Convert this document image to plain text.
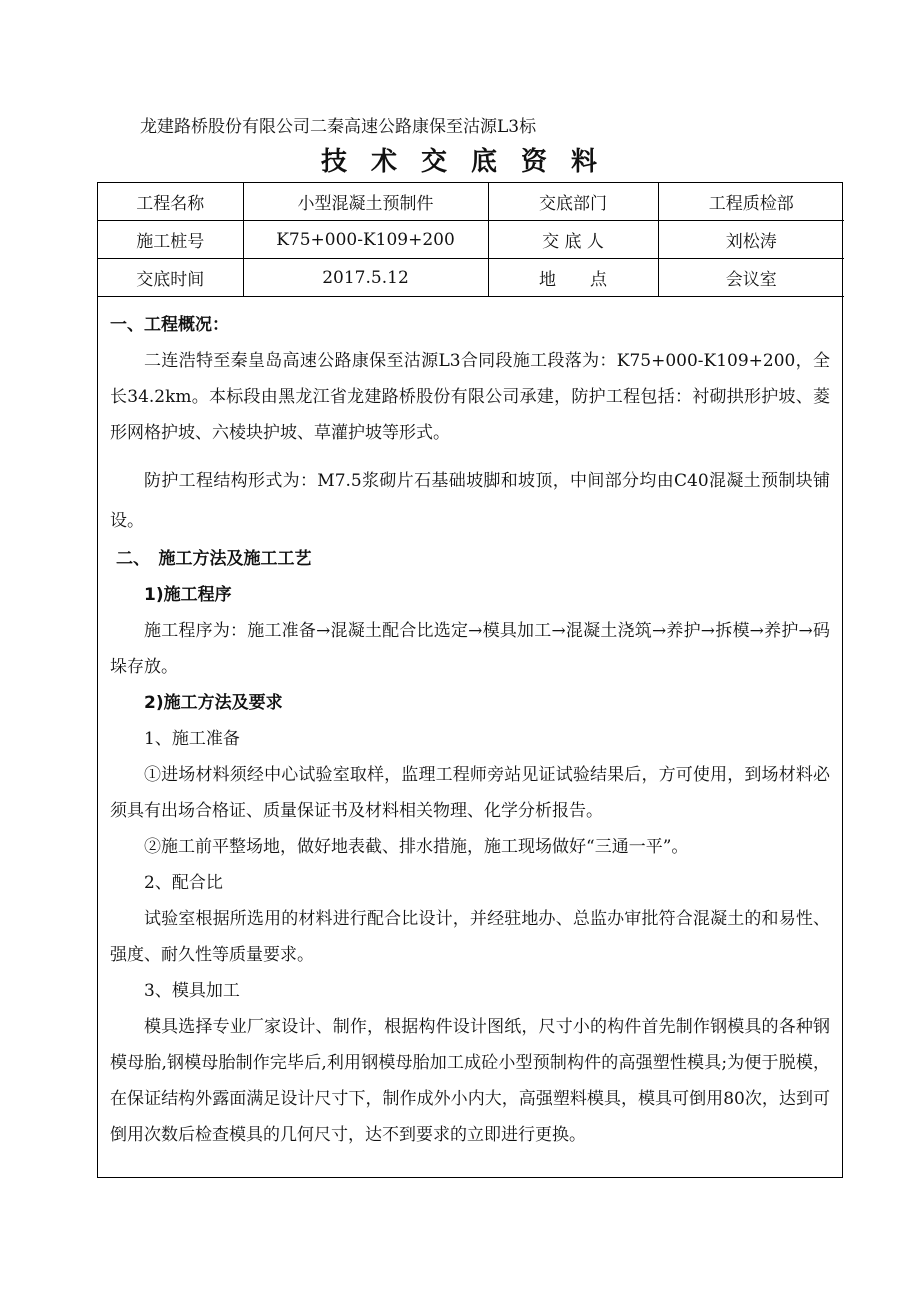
龙建路桥股份有限公司二秦高速公路康保至沽源L3标
技术交底资料
工程名称	小型混凝土预制件	交底部门	工程质检部
施工桩号	K75+000-K109+200	交 底 人	刘松涛
交底时间	2017.5.12	地　　点	会议室

一、工程概况：

二连浩特至秦皇岛高速公路康保至沽源L3合同段施工段落为：K75+000-K109+200，全长34.2km。本标段由黑龙江省龙建路桥股份有限公司承建，防护工程包括：衬砌拱形护坡、菱形网格护坡、六棱块护坡、草灌护坡等形式。

防护工程结构形式为：M7.5浆砌片石基础坡脚和坡顶，中间部分均由C40混凝土预制块铺设。

二、　施工方法及施工工艺

1)施工程序

施工程序为：施工准备→混凝土配合比选定→模具加工→混凝土浇筑→养护→拆模→养护→码垛存放。

2)施工方法及要求

1、施工准备

①进场材料须经中心试验室取样，监理工程师旁站见证试验结果后，方可使用，到场材料必须具有出场合格证、质量保证书及材料相关物理、化学分析报告。

②施工前平整场地，做好地表截、排水措施，施工现场做好“三通一平”。

2、配合比

试验室根据所选用的材料进行配合比设计，并经驻地办、总监办审批符合混凝土的和易性、强度、耐久性等质量要求。

3、模具加工

模具选择专业厂家设计、制作，根据构件设计图纸，尺寸小的构件首先制作钢模具的各种钢模母胎,钢模母胎制作完毕后,利用钢模母胎加工成砼小型预制构件的高强塑性模具;为便于脱模，在保证结构外露面满足设计尺寸下，制作成外小内大，高强塑料模具，模具可倒用80次，达到可倒用次数后检查模具的几何尺寸，达不到要求的立即进行更换。
